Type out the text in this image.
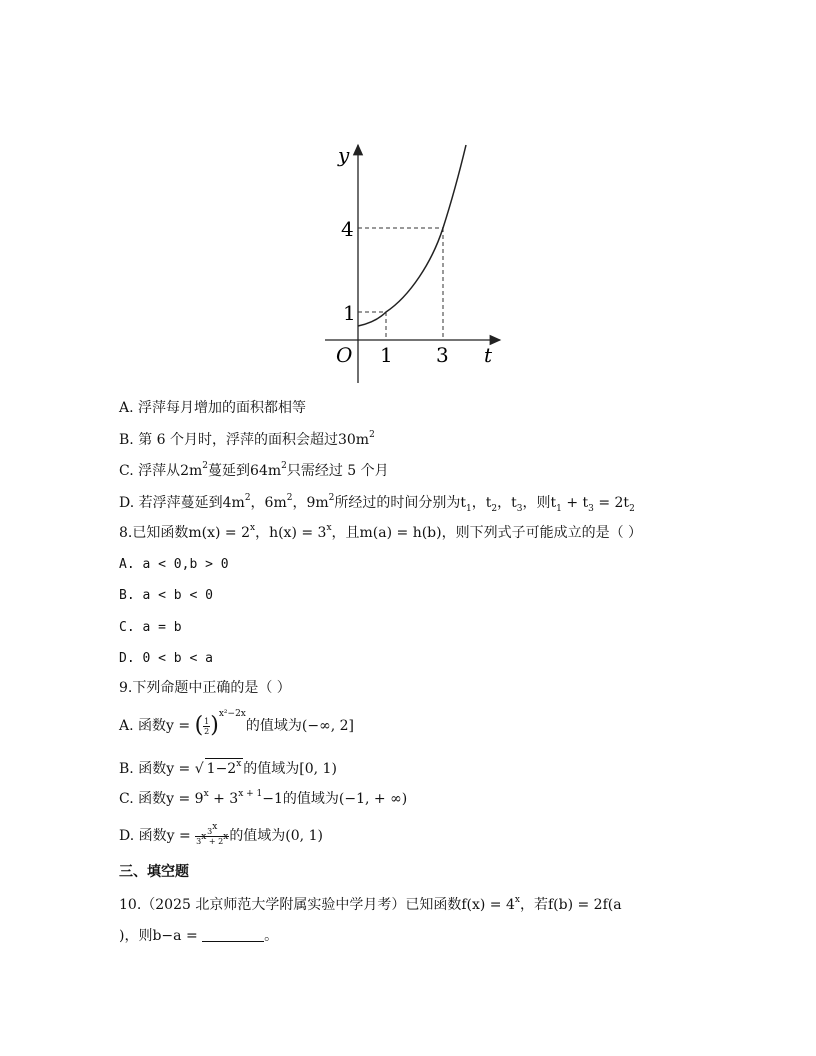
y
t
O
4
1
1 3
A. 浮萍每月增加的面积都相等
B. 第 6 个月时，浮萍的面积会超过$30m^2$
C. 浮萍从$2m^2$蔓延到$64m^2$只需经过 5 个月
D. 若浮萍蔓延到$4m^2$，$6m^2$，$9m^2$所经过的时间分别为$t_1$，$t_2$，$t_3$，则$t_1 + t_3 = 2t_2$
8.已知函数$m(x) = 2^x$，$h(x) = 3^x$，且m(a) = h(b)，则下列式子可能成立的是（ ）
A. a < 0,b > 0
B. a < b < 0
C. a = b
D. 0 < b < a
9.下列命题中正确的是（ ）
A. 函数y = ( $\frac{1}{2} )^{x^2-2x}$的值域为(−∞, 2]
B. 函数y = √ $1-2^x$ 的值域为[0, 1)
C. 函数$y = 9^x + 3^{x + 1}-1$的值域为(−1, + ∞)
D. 函数$y = \frac{3^x}{3^x + 2^x}$ 的值域为(0, 1)
三、填空题
10.（2025 北京师范大学附属实验中学月考）已知函数$f(x) = 4^x$，若f(b) = 2f(a
)，则b−a =	。
